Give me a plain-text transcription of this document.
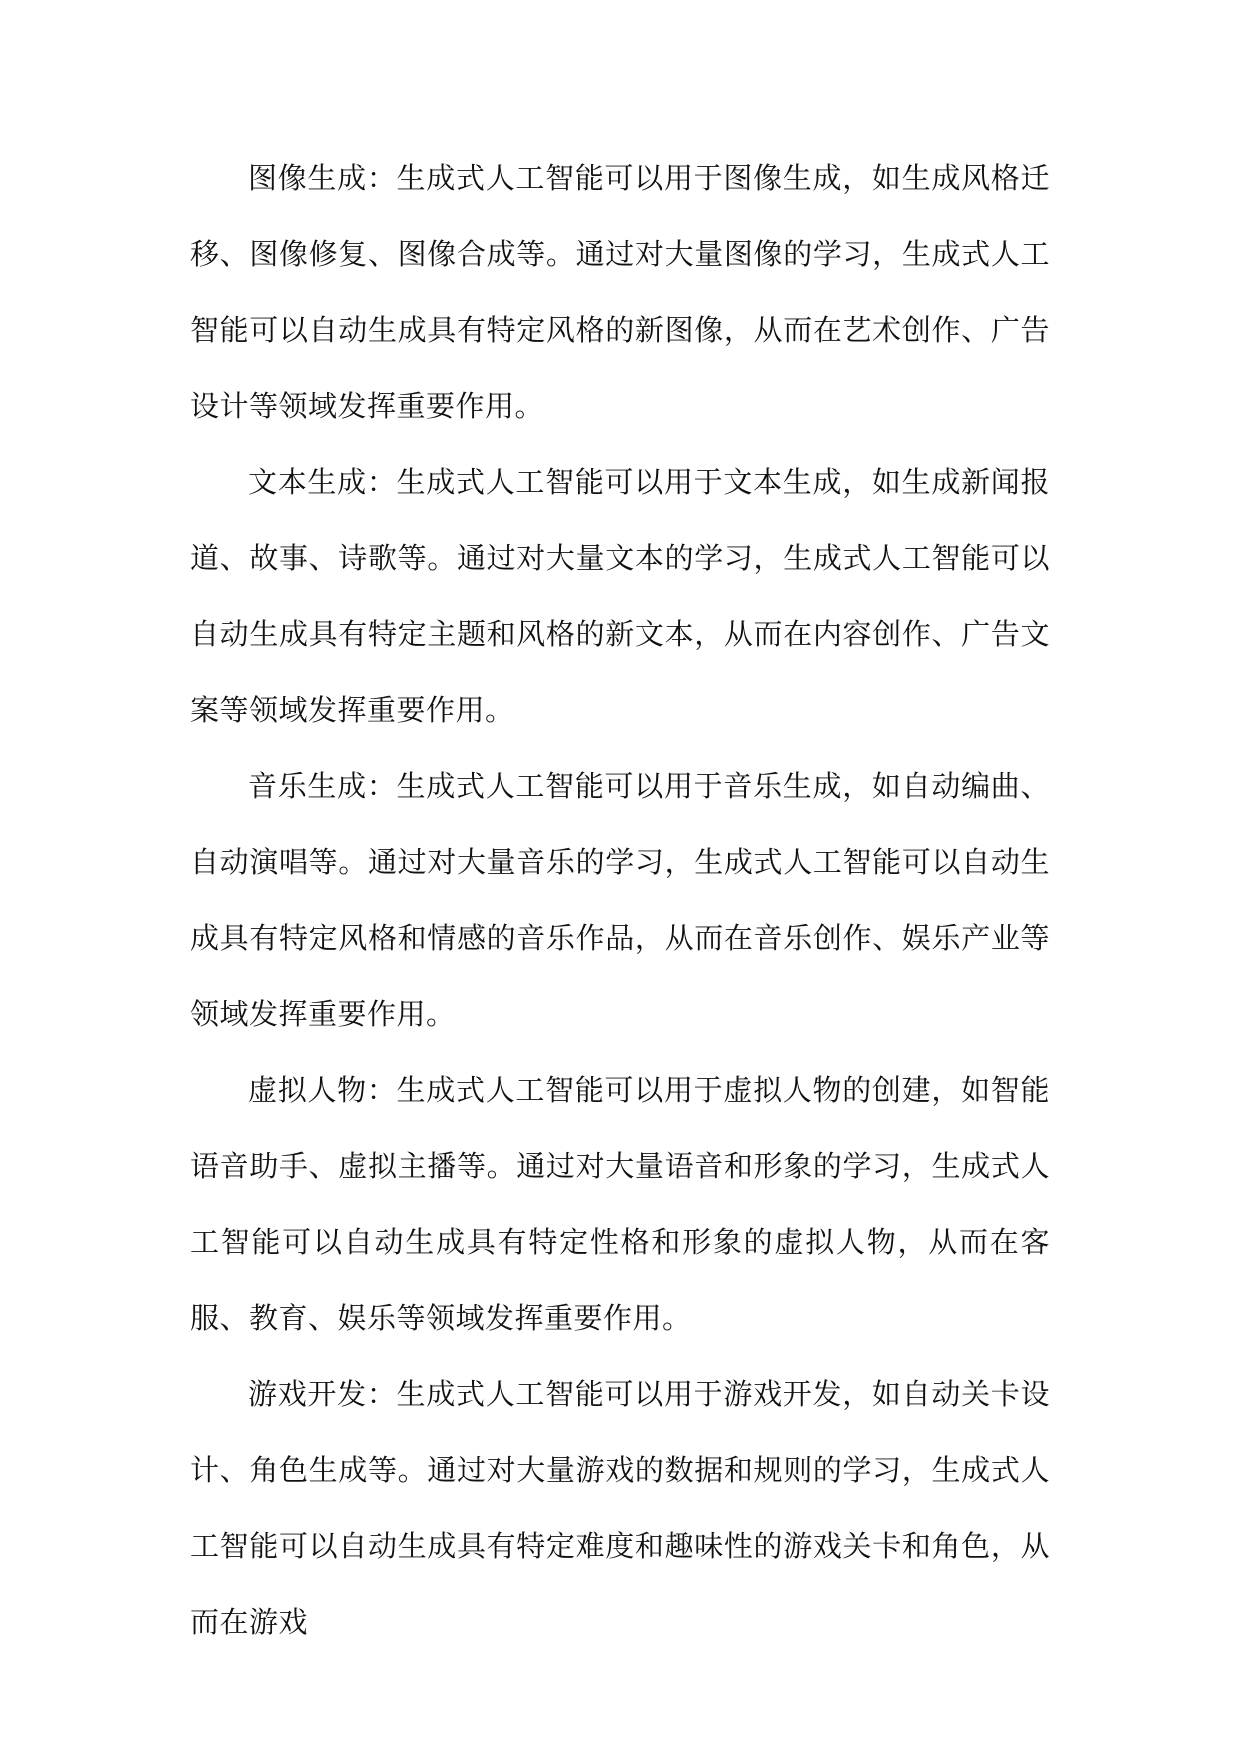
图像生成：生成式人工智能可以用于图像生成，如生成风格迁移、图像修复、图像合成等。通过对大量图像的学习，生成式人工智能可以自动生成具有特定风格的新图像，从而在艺术创作、广告设计等领域发挥重要作用。

文本生成：生成式人工智能可以用于文本生成，如生成新闻报道、故事、诗歌等。通过对大量文本的学习，生成式人工智能可以自动生成具有特定主题和风格的新文本，从而在内容创作、广告文案等领域发挥重要作用。

音乐生成：生成式人工智能可以用于音乐生成，如自动编曲、自动演唱等。通过对大量音乐的学习，生成式人工智能可以自动生成具有特定风格和情感的音乐作品，从而在音乐创作、娱乐产业等领域发挥重要作用。

虚拟人物：生成式人工智能可以用于虚拟人物的创建，如智能语音助手、虚拟主播等。通过对大量语音和形象的学习，生成式人工智能可以自动生成具有特定性格和形象的虚拟人物，从而在客服、教育、娱乐等领域发挥重要作用。

游戏开发：生成式人工智能可以用于游戏开发，如自动关卡设计、角色生成等。通过对大量游戏的数据和规则的学习，生成式人工智能可以自动生成具有特定难度和趣味性的游戏关卡和角色，从而在游戏
